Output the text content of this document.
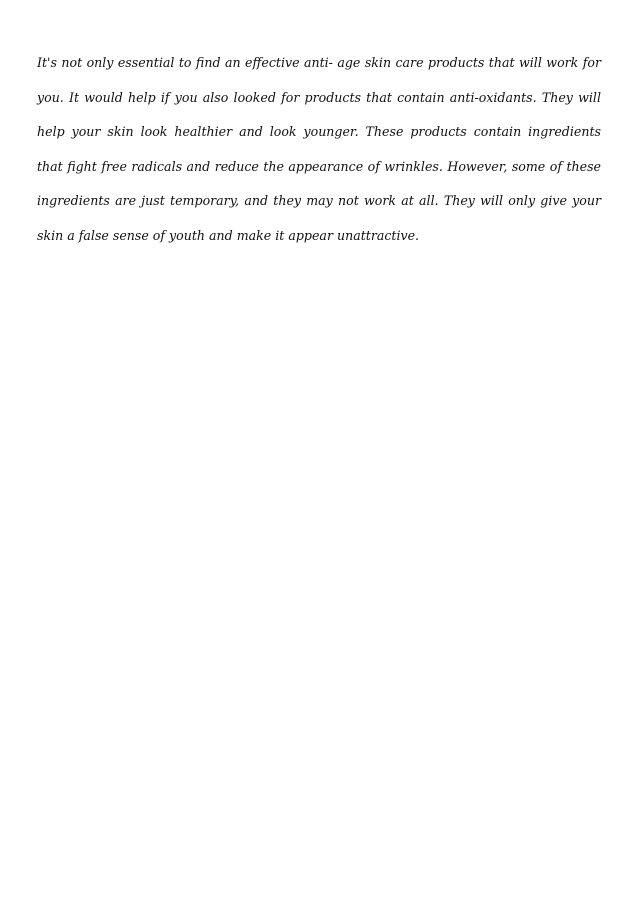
It's not only essential to find an effective anti- age skin care products that will work for
you. It would help if you also looked for products that contain anti-oxidants. They will
help your skin look healthier and look younger. These products contain ingredients
that fight free radicals and reduce the appearance of wrinkles. However, some of these
ingredients are just temporary, and they may not work at all. They will only give your
skin a false sense of youth and make it appear unattractive.
